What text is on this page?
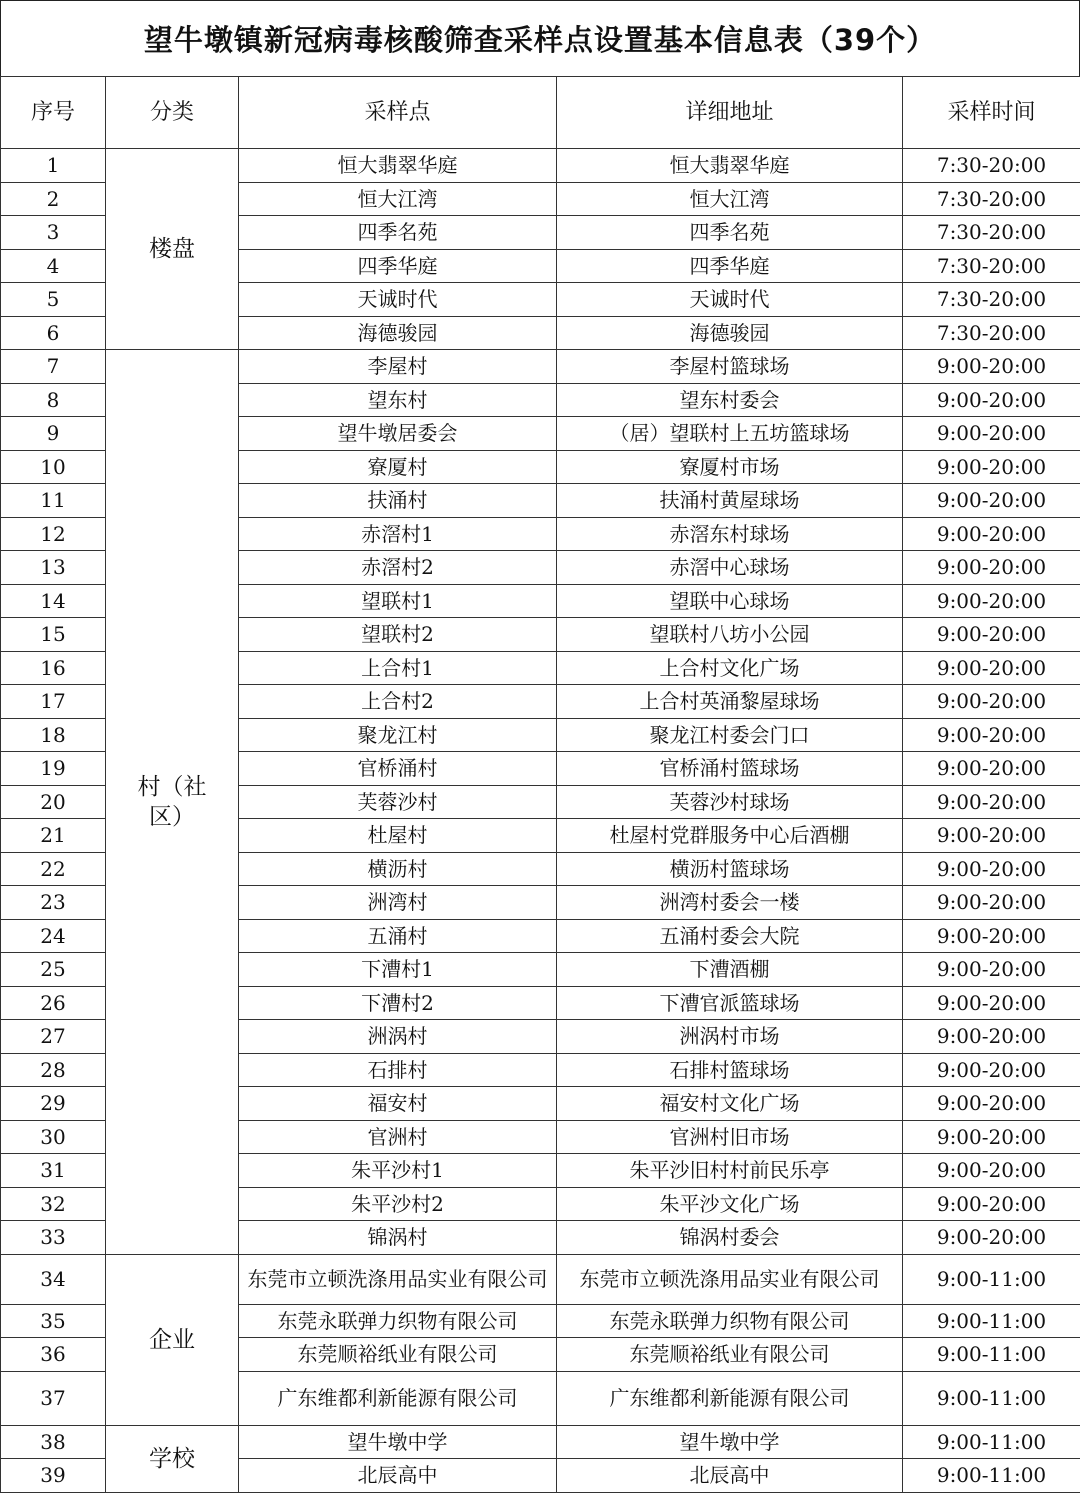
望牛墩镇新冠病毒核酸筛查采样点设置基本信息表（39个）
序号	分类	采样点	详细地址	采样时间
1	楼盘	恒大翡翠华庭	恒大翡翠华庭	7:30-20:00
2		恒大江湾	恒大江湾	7:30-20:00
3		四季名苑	四季名苑	7:30-20:00
4		四季华庭	四季华庭	7:30-20:00
5		天诚时代	天诚时代	7:30-20:00
6		海德骏园	海德骏园	7:30-20:00
7	村（社区）	李屋村	李屋村篮球场	9:00-20:00
8		望东村	望东村委会	9:00-20:00
9		望牛墩居委会	（居）望联村上五坊篮球场	9:00-20:00
10		寮厦村	寮厦村市场	9:00-20:00
11		扶涌村	扶涌村黄屋球场	9:00-20:00
12		赤滘村1	赤滘东村球场	9:00-20:00
13		赤滘村2	赤滘中心球场	9:00-20:00
14		望联村1	望联中心球场	9:00-20:00
15		望联村2	望联村八坊小公园	9:00-20:00
16		上合村1	上合村文化广场	9:00-20:00
17		上合村2	上合村英涌黎屋球场	9:00-20:00
18		聚龙江村	聚龙江村委会门口	9:00-20:00
19		官桥涌村	官桥涌村篮球场	9:00-20:00
20		芙蓉沙村	芙蓉沙村球场	9:00-20:00
21		杜屋村	杜屋村党群服务中心后酒棚	9:00-20:00
22		横沥村	横沥村篮球场	9:00-20:00
23		洲湾村	洲湾村委会一楼	9:00-20:00
24		五涌村	五涌村委会大院	9:00-20:00
25		下漕村1	下漕酒棚	9:00-20:00
26		下漕村2	下漕官派篮球场	9:00-20:00
27		洲涡村	洲涡村市场	9:00-20:00
28		石排村	石排村篮球场	9:00-20:00
29		福安村	福安村文化广场	9:00-20:00
30		官洲村	官洲村旧市场	9:00-20:00
31		朱平沙村1	朱平沙旧村村前民乐亭	9:00-20:00
32		朱平沙村2	朱平沙文化广场	9:00-20:00
33		锦涡村	锦涡村委会	9:00-20:00
34	企业	东莞市立顿洗涤用品实业有限公司	东莞市立顿洗涤用品实业有限公司	9:00-11:00
35		东莞永联弹力织物有限公司	东莞永联弹力织物有限公司	9:00-11:00
36		东莞顺裕纸业有限公司	东莞顺裕纸业有限公司	9:00-11:00
37		广东维都利新能源有限公司	广东维都利新能源有限公司	9:00-11:00
38	学校	望牛墩中学	望牛墩中学	9:00-11:00
39		北辰高中	北辰高中	9:00-11:00
